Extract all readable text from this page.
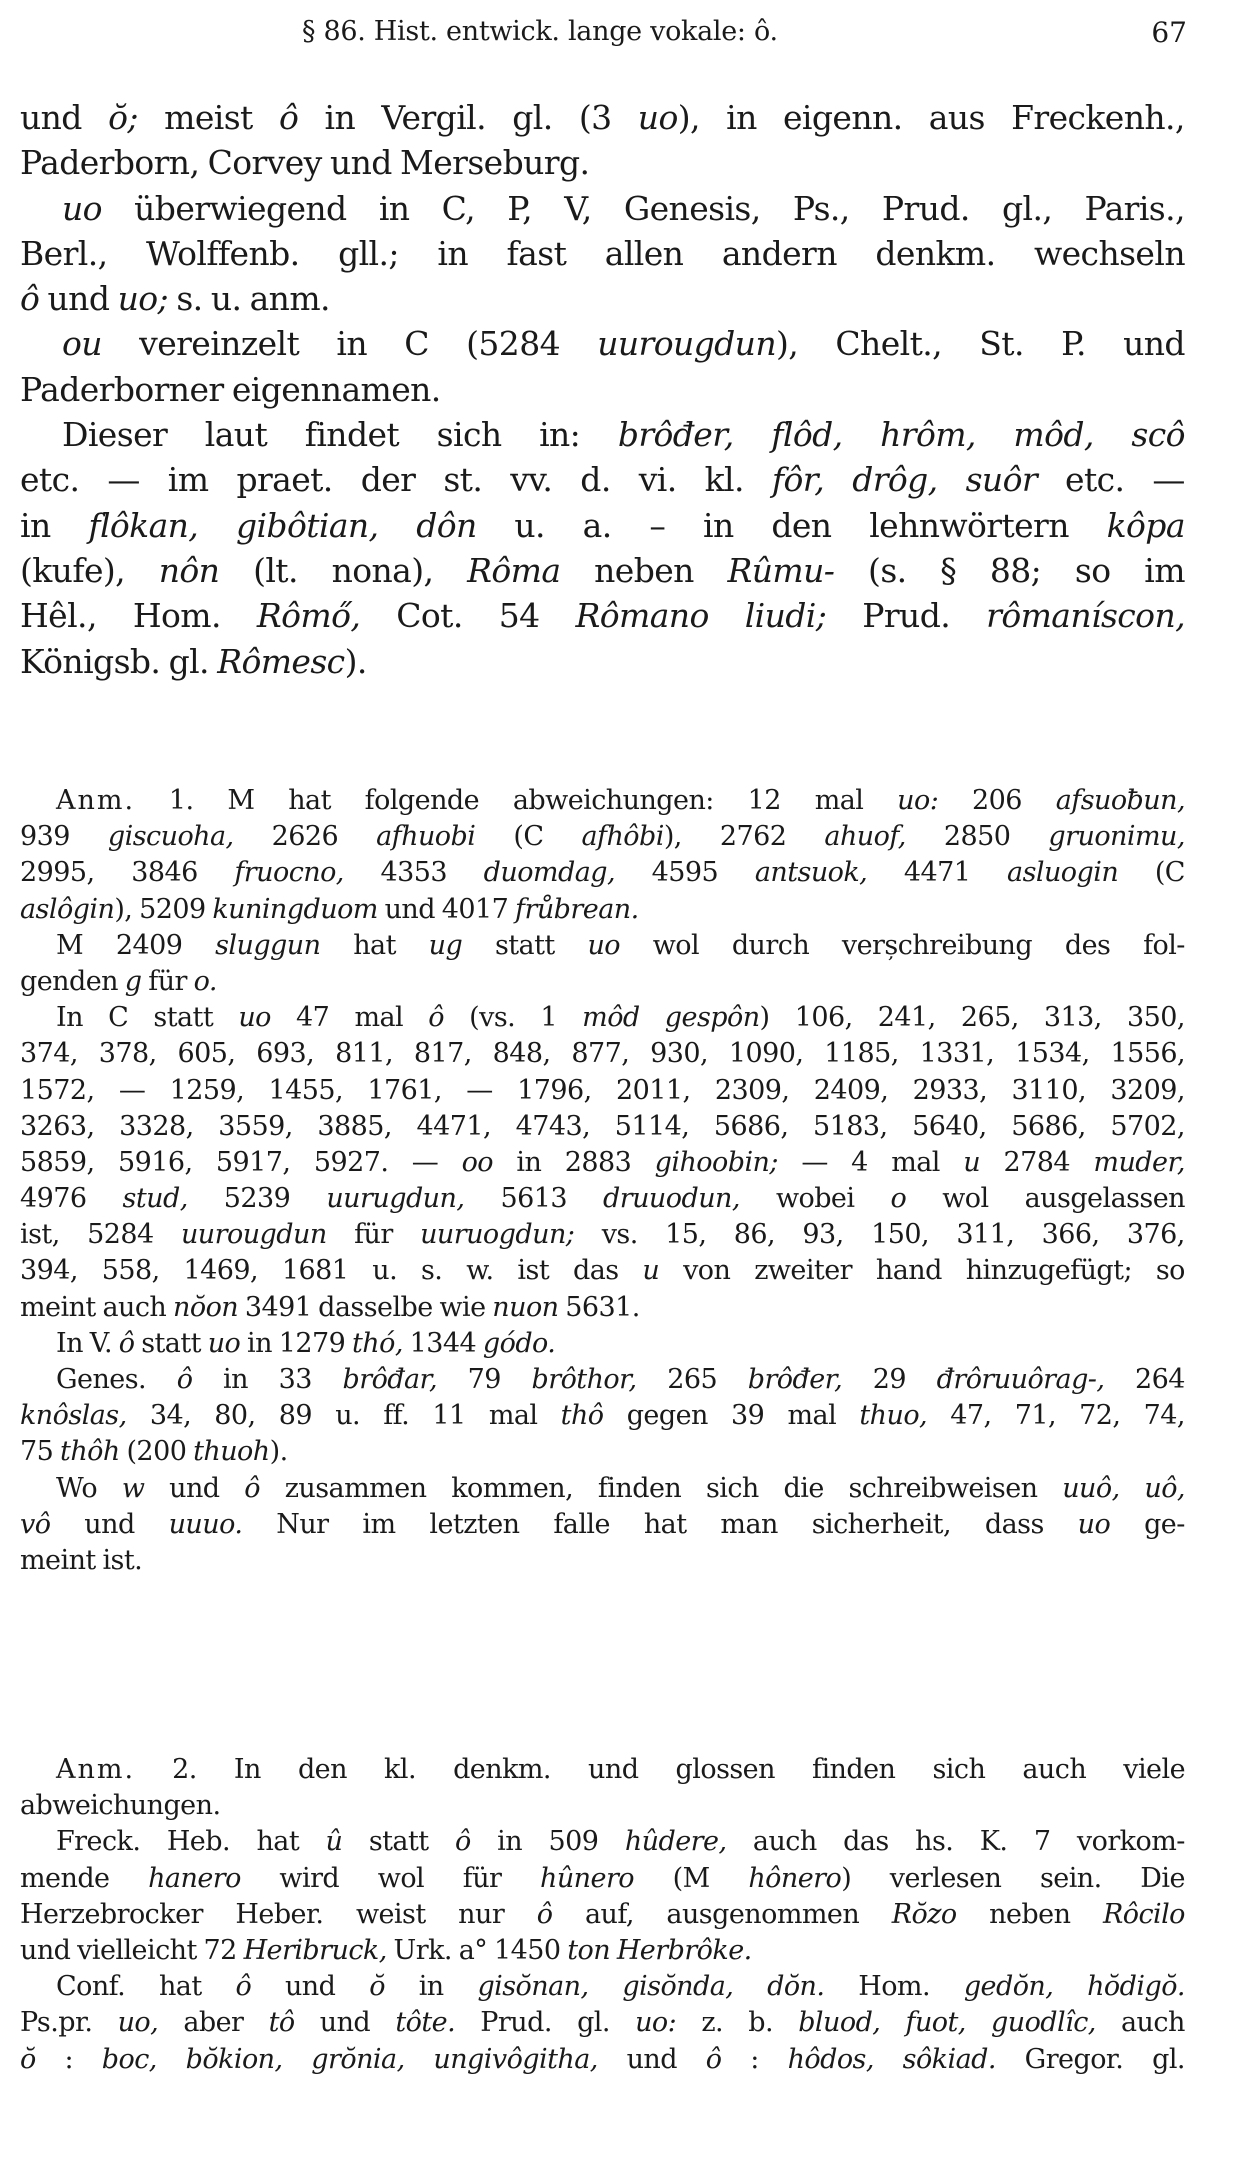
§ 86. Hist. entwick. lange vokale: ô.	67
und ŏ; meist ô in Vergil. gl. (3 uo), in eigenn. aus Freckenh.,
Paderborn, Corvey und Merseburg.
uo überwiegend in C, P, V, Genesis, Ps., Prud. gl., Paris.,
Berl., Wolffenb. gll.; in fast allen andern denkm. wechseln
ô und uo; s. u. anm.
ou vereinzelt in C (5284 uurougdun), Chelt., St. P. und
Paderborner eigennamen.
Dieser laut findet sich in: brôđer, flôd, hrôm, môd, scô
etc. — im praet. der st. vv. d. vi. kl. fôr, drôg, suôr etc. —
in flôkan, gibôtian, dôn u. a. – in den lehnwörtern kôpa
(kufe), nôn (lt. nona), Rôma neben Rûmu- (s. § 88; so im
Hêl., Hom. Rômő, Cot. 54 Rômano liudi; Prud. rômaníscon,
Königsb. gl. Rômesc).
Anm. 1. M hat folgende abweichungen: 12 mal uo: 206 afsuoƀun,
939 giscuoha, 2626 afhuobi (C afhôbi), 2762 ahuof, 2850 gruonimu,
2995, 3846 fruocno, 4353 duomdag, 4595 antsuok, 4471 asluogin (C
aslôgin), 5209 kuningduom und 4017 frůbrean.
M 2409 sluggun hat ug statt uo wol durch verșchreibung des fol-
genden g für o.
In C statt uo 47 mal ô (vs. 1 môd gespôn) 106, 241, 265, 313, 350,
374, 378, 605, 693, 811, 817, 848, 877, 930, 1090, 1185, 1331, 1534, 1556,
1572, — 1259, 1455, 1761, — 1796, 2011, 2309, 2409, 2933, 3110, 3209,
3263, 3328, 3559, 3885, 4471, 4743, 5114, 5686, 5183, 5640, 5686, 5702,
5859, 5916, 5917, 5927. — oo in 2883 gihoobin; — 4 mal u 2784 muder,
4976 stud, 5239 uurugdun, 5613 druuodun, wobei o wol ausgelassen
ist, 5284 uurougdun für uuruogdun; vs. 15, 86, 93, 150, 311, 366, 376,
394, 558, 1469, 1681 u. s. w. ist das u von zweiter hand hinzugefügt; so
meint auch nŏon 3491 dasselbe wie nuon 5631.
In V. ô statt uo in 1279 thó, 1344 gódo.
Genes. ô in 33 brôđar, 79 brôthor, 265 brôđer, 29 đrôruuôrag-, 264
knôslas, 34, 80, 89 u. ff. 11 mal thô gegen 39 mal thuo, 47, 71, 72, 74,
75 thôh (200 thuoh).
Wo w und ô zusammen kommen, finden sich die schreibweisen uuô, uô,
vô und uuuo. Nur im letzten falle hat man sicherheit, dass uo ge-
meint ist.
Anm. 2. In den kl. denkm. und glossen finden sich auch viele
abweichungen.
Freck. Heb. hat û statt ô in 509 hûdere, auch das hs. K. 7 vorkom-
mende hanero wird wol für hûnero (M hônero) verlesen sein. Die
Herzebrocker Heber. weist nur ô auf, ausgenommen Rŏzo neben Rôcilo
und vielleicht 72 Heribruck, Urk. a° 1450 ton Herbrôke.
Conf. hat ô und ŏ in gisŏnan, gisŏnda, dŏn. Hom. gedŏn, hŏdigŏ.
Ps.pr. uo, aber tô und tôte. Prud. gl. uo: z. b. bluod, fuot, guodlîc, auch
ŏ : boc, bŏkion, grŏnia, ungivôgitha, und ô : hôdos, sôkiad. Gregor. gl.
